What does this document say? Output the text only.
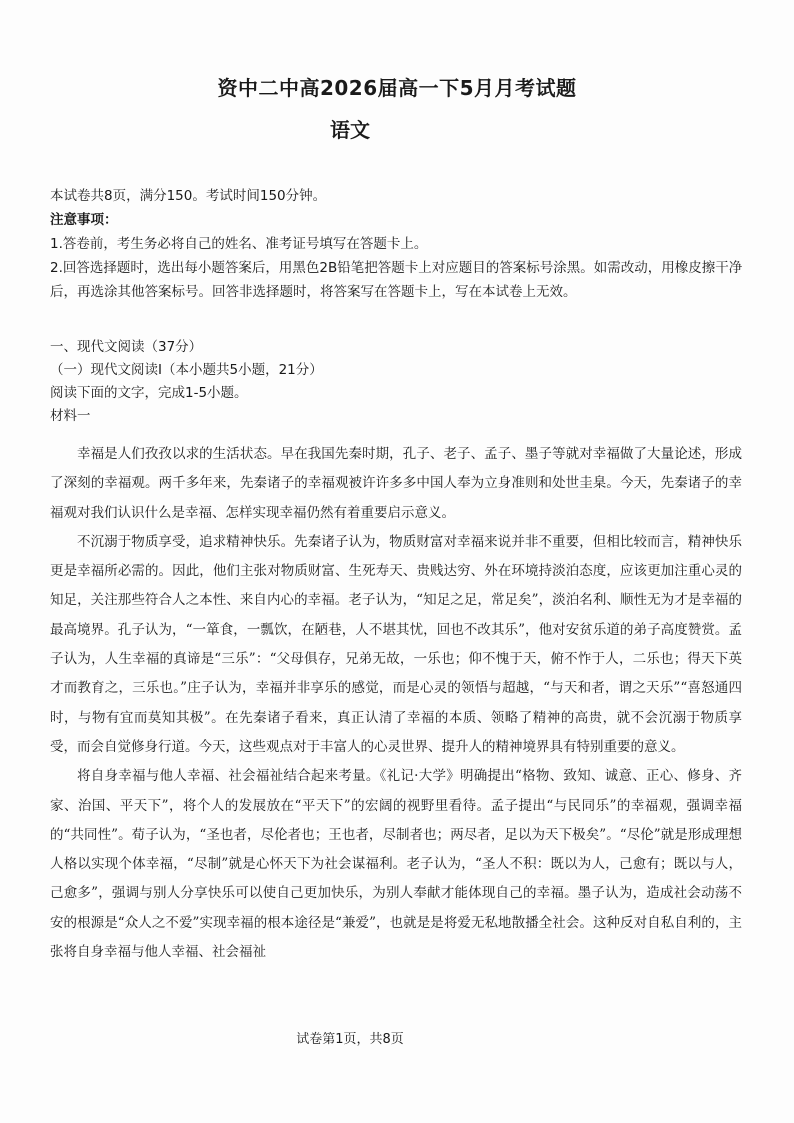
资中二中高2026届高一下5月月考试题
语文

本试卷共8页，满分150。考试时间150分钟。

注意事项：

1.答卷前，考生务必将自己的姓名、准考证号填写在答题卡上。

2.回答选择题时，选出每小题答案后，用黑色2B铅笔把答题卡上对应题目的答案标号涂黑。如需改动，用橡皮擦干净后，再选涂其他答案标号。回答非选择题时，将答案写在答题卡上，写在本试卷上无效。

一、现代文阅读（37分）

（一）现代文阅读Ⅰ（本小题共5小题，21分）

阅读下面的文字，完成1-5小题。

材料一

幸福是人们孜孜以求的生活状态。早在我国先秦时期，孔子、老子、孟子、墨子等就对幸福做了大量论述，形成了深刻的幸福观。两千多年来，先秦诸子的幸福观被许许多多中国人奉为立身准则和处世圭臬。今天，先秦诸子的幸福观对我们认识什么是幸福、怎样实现幸福仍然有着重要启示意义。

不沉溺于物质享受，追求精神快乐。先秦诸子认为，物质财富对幸福来说并非不重要，但相比较而言，精神快乐更是幸福所必需的。因此，他们主张对物质财富、生死寿天、贵贱达穷、外在环境持淡泊态度，应该更加注重心灵的知足，关注那些符合人之本性、来自内心的幸福。老子认为，“知足之足，常足矣”，淡泊名利、顺性无为才是幸福的最高境界。孔子认为，“一箪食，一瓢饮，在陋巷，人不堪其忧，回也不改其乐”，他对安贫乐道的弟子高度赞赏。孟子认为，人生幸福的真谛是“三乐”：“父母俱存，兄弟无故，一乐也；仰不愧于天，俯不怍于人，二乐也；得天下英才而教育之，三乐也。”庄子认为，幸福并非享乐的感觉，而是心灵的领悟与超越，“与天和者，谓之天乐”“喜怒通四时，与物有宜而莫知其极”。在先秦诸子看来，真正认清了幸福的本质、领略了精神的高贵，就不会沉溺于物质享受，而会自觉修身行道。今天，这些观点对于丰富人的心灵世界、提升人的精神境界具有特别重要的意义。

将自身幸福与他人幸福、社会福祉结合起来考量。《礼记·大学》明确提出“格物、致知、诚意、正心、修身、齐家、治国、平天下”，将个人的发展放在“平天下”的宏阔的视野里看待。孟子提出“与民同乐”的幸福观，强调幸福的“共同性”。荀子认为，“圣也者，尽伦者也；王也者，尽制者也；两尽者，足以为天下极矣”。“尽伦”就是形成理想人格以实现个体幸福，“尽制”就是心怀天下为社会谋福利。老子认为，“圣人不积：既以为人，己愈有；既以与人，己愈多”，强调与别人分享快乐可以使自己更加快乐，为别人奉献才能体现自己的幸福。墨子认为，造成社会动荡不安的根源是“众人之不爱”实现幸福的根本途径是“兼爱”，也就是是将爱无私地散播全社会。这种反对自私自利的，主张将自身幸福与他人幸福、社会福祉

试卷第1页，共8页
